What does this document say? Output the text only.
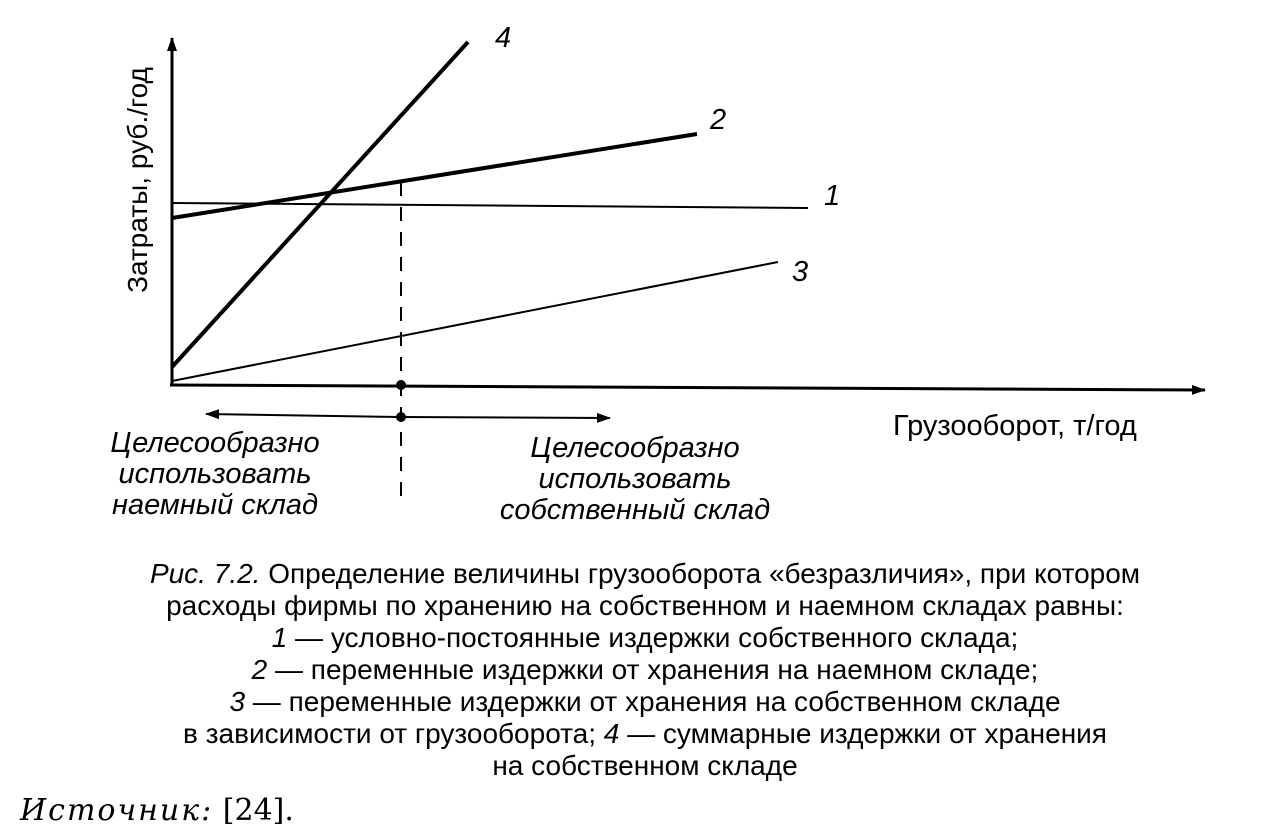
Затраты, руб./год
4
2
1
3
Грузооборот, т/год
Целесообразно
использовать
наемный склад
Целесообразно
использовать
собственный склад
Рис. 7.2. Определение величины грузооборота «безразличия», при котором
расходы фирмы по хранению на собственном и наемном складах равны:
1 — условно-постоянные издержки собственного склада;
2 — переменные издержки от хранения на наемном складе;
3 — переменные издержки от хранения на собственном складе
в зависимости от грузооборота; 4 — суммарные издержки от хранения
на собственном складе
Источник: [24].
